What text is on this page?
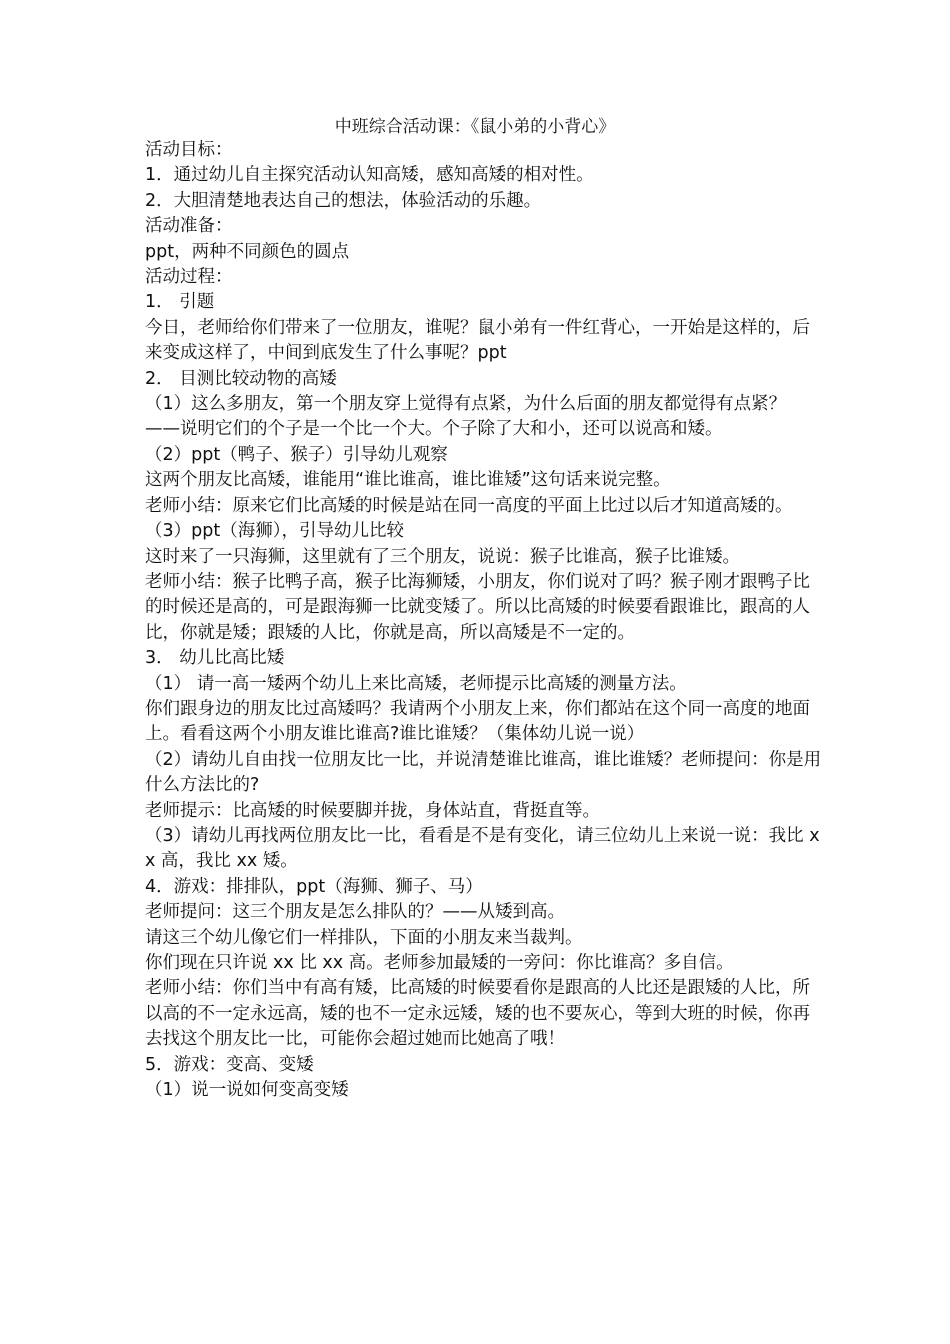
中班综合活动课：《鼠小弟的小背心》

活动目标：

1．通过幼儿自主探究活动认知高矮，感知高矮的相对性。

2．大胆清楚地表达自己的想法，体验活动的乐趣。

活动准备：

ppt，两种不同颜色的圆点

活动过程：

1． 引题

今日，老师给你们带来了一位朋友，谁呢？鼠小弟有一件红背心，一开始是这样的，后来变成这样了，中间到底发生了什么事呢？ppt

2． 目测比较动物的高矮

（1）这么多朋友，第一个朋友穿上觉得有点紧，为什么后面的朋友都觉得有点紧？

——说明它们的个子是一个比一个大。个子除了大和小，还可以说高和矮。

（2）ppt（鸭子、猴子）引导幼儿观察

这两个朋友比高矮，谁能用“谁比谁高，谁比谁矮”这句话来说完整。

老师小结：原来它们比高矮的时候是站在同一高度的平面上比过以后才知道高矮的。

（3）ppt（海狮），引导幼儿比较

这时来了一只海狮，这里就有了三个朋友，说说：猴子比谁高，猴子比谁矮。

老师小结：猴子比鸭子高，猴子比海狮矮，小朋友，你们说对了吗？猴子刚才跟鸭子比的时候还是高的，可是跟海狮一比就变矮了。所以比高矮的时候要看跟谁比，跟高的人比，你就是矮；跟矮的人比，你就是高，所以高矮是不一定的。

3． 幼儿比高比矮

（1） 请一高一矮两个幼儿上来比高矮，老师提示比高矮的测量方法。

你们跟身边的朋友比过高矮吗？我请两个小朋友上来，你们都站在这个同一高度的地面上。看看这两个小朋友谁比谁高?谁比谁矮？（集体幼儿说一说）

（2）请幼儿自由找一位朋友比一比，并说清楚谁比谁高，谁比谁矮？老师提问：你是用什么方法比的?

老师提示：比高矮的时候要脚并拢，身体站直，背挺直等。

（3）请幼儿再找两位朋友比一比，看看是不是有变化，请三位幼儿上来说一说：我比 xx 高，我比 xx 矮。

4．游戏：排排队，ppt（海狮、狮子、马）

老师提问：这三个朋友是怎么排队的？——从矮到高。

请这三个幼儿像它们一样排队，下面的小朋友来当裁判。

你们现在只许说 xx 比 xx 高。老师参加最矮的一旁问：你比谁高？多自信。

老师小结：你们当中有高有矮，比高矮的时候要看你是跟高的人比还是跟矮的人比，所以高的不一定永远高，矮的也不一定永远矮，矮的也不要灰心，等到大班的时候，你再去找这个朋友比一比，可能你会超过她而比她高了哦！

5．游戏：变高、变矮

（1）说一说如何变高变矮
